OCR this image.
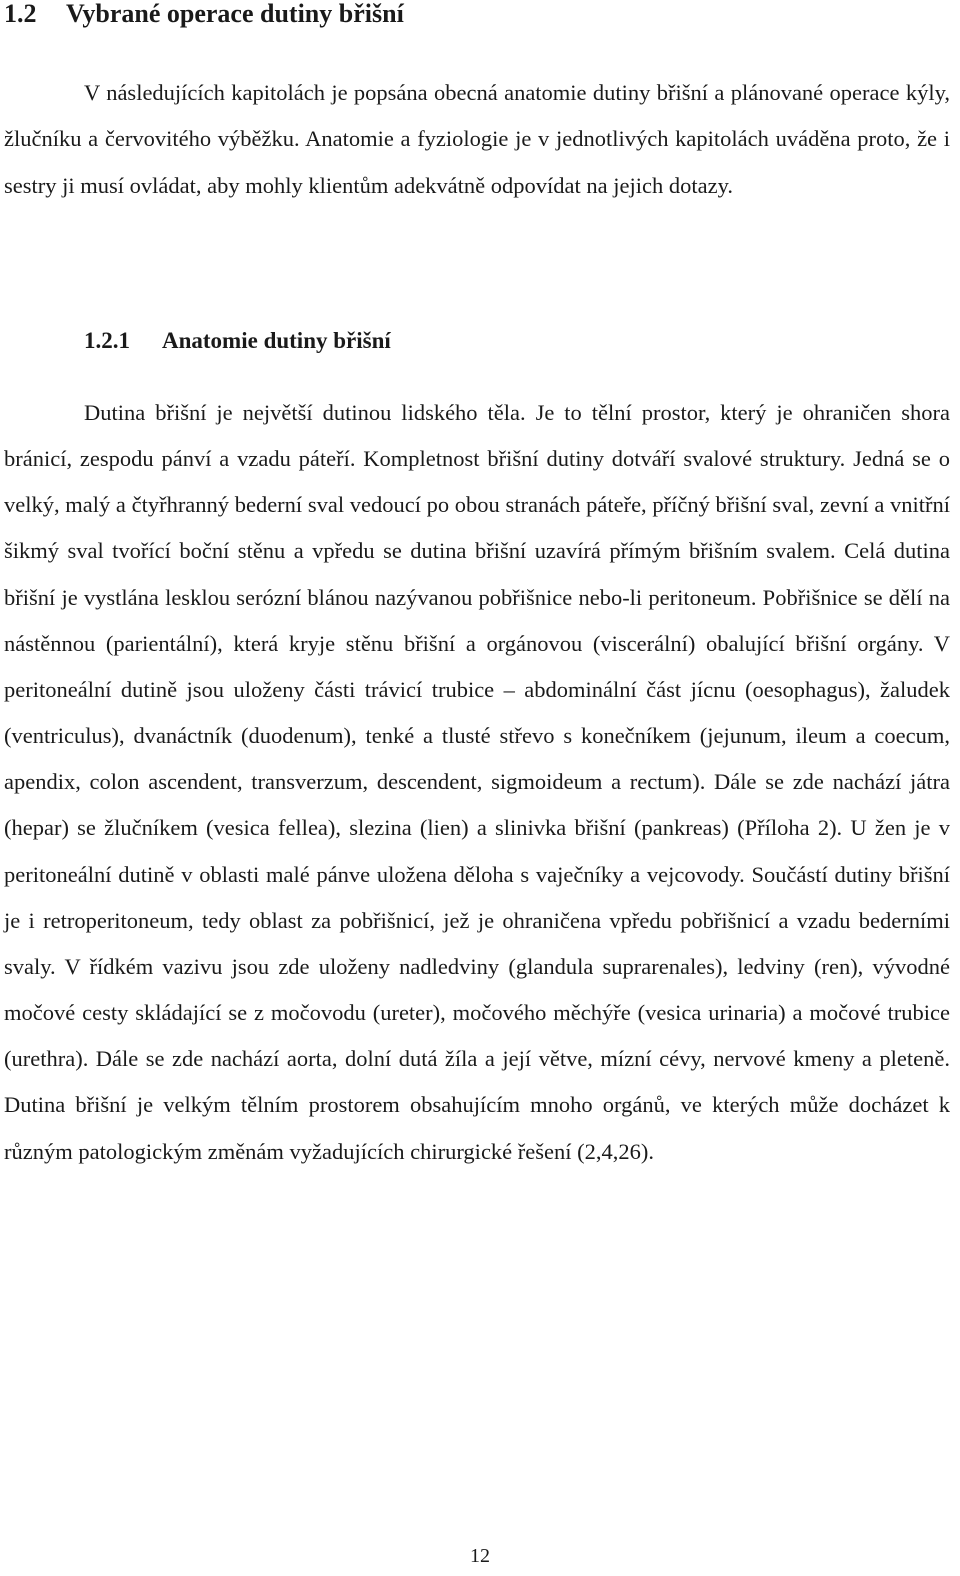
1.2 Vybrané operace dutiny břišní

V následujících kapitolách je popsána obecná anatomie dutiny břišní a plánované operace kýly, žlučníku a červovitého výběžku. Anatomie a fyziologie je v jednotlivých kapitolách uváděna proto, že i sestry ji musí ovládat, aby mohly klientům adekvátně odpovídat na jejich dotazy.

1.2.1 Anatomie dutiny břišní

Dutina břišní je největší dutinou lidského těla. Je to tělní prostor, který je ohraničen shora bránicí, zespodu pánví a vzadu páteří. Kompletnost břišní dutiny dotváří svalové struktury. Jedná se o velký, malý a čtyřhranný bederní sval vedoucí po obou stranách páteře, příčný břišní sval, zevní a vnitřní šikmý sval tvořící boční stěnu a vpředu se dutina břišní uzavírá přímým břišním svalem. Celá dutina břišní je vystlána lesklou serózní blánou nazývanou pobřišnice nebo-li peritoneum. Pobřišnice se dělí na nástěnnou (parientální), která kryje stěnu břišní a orgánovou (viscerální) obalující břišní orgány. V peritoneální dutině jsou uloženy části trávicí trubice – abdominální část jícnu (oesophagus), žaludek (ventriculus), dvanáctník (duodenum), tenké a tlusté střevo s konečníkem (jejunum, ileum a coecum, apendix, colon ascendent, transverzum, descendent, sigmoideum a rectum). Dále se zde nachází játra (hepar) se žlučníkem (vesica fellea), slezina (lien) a slinivka břišní (pankreas) (Příloha 2). U žen je v peritoneální dutině v oblasti malé pánve uložena děloha s vaječníky a vejcovody. Součástí dutiny břišní je i retroperitoneum, tedy oblast za pobřišnicí, jež je ohraničena vpředu pobřišnicí a vzadu bederními svaly. V řídkém vazivu jsou zde uloženy nadledviny (glandula suprarenales), ledviny (ren), vývodné močové cesty skládající se z močovodu (ureter), močového měchýře (vesica urinaria) a močové trubice (urethra). Dále se zde nachází aorta, dolní dutá žíla a její větve, mízní cévy, nervové kmeny a pleteně. Dutina břišní je velkým tělním prostorem obsahujícím mnoho orgánů, ve kterých může docházet k různým patologickým změnám vyžadujících chirurgické řešení (2,4,26).

12
